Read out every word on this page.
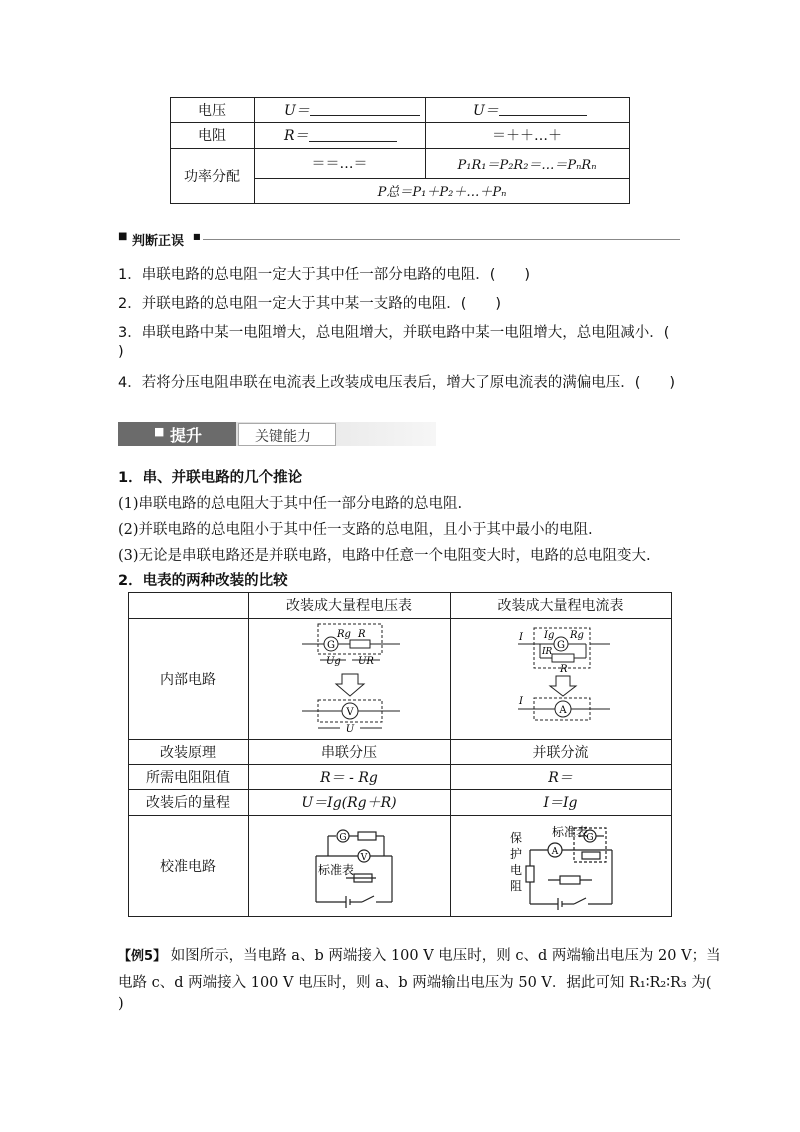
电压	U＝	U＝
电阻	R＝	＝＋＋…＋
功率分配
＝＝…＝	P₁R₁＝P₂R₂＝…＝PₙRₙ
P总＝P₁＋P₂＋…＋Pₙ
■ 判断正误 ■
1．串联电路的总电阻一定大于其中任一部分电路的电阻．(　　)
2．并联电路的总电阻一定大于其中某一支路的电阻．(　　)
3．串联电路中某一电阻增大，总电阻增大，并联电路中某一电阻增大，总电阻减小．(
)
4．若将分压电阻串联在电流表上改装成电压表后，增大了原电流表的满偏电压．(　　)
■ 提升	关键能力
1．串、并联电路的几个推论
(1)串联电路的总电阻大于其中任一部分电路的总电阻.
(2)并联电路的总电阻小于其中任一支路的总电阻，且小于其中最小的电阻.
(3)无论是串联电路还是并联电路，电路中任意一个电阻变大时，电路的总电阻变大.
2．电表的两种改装的比较
改装成大量程电压表	改装成大量程电流表
内部电路
改装原理	串联分压	并联分流
所需电阻阻值	R＝ - Rg	R＝
改装后的量程	U＝Ig(Rg＋R)	I＝Ig
校准电路
G
Rg R
Ug UR
V
U
G
Rg
I Ig
IR
R
I
A
G
V
标准表
A
G
标准表
保
护
电
阻
【例5】 如图所示，当电路 a、b 两端接入 100 V 电压时，则 c、d 两端输出电压为 20 V；当
电路 c、d 两端接入 100 V 电压时，则 a、b 两端输出电压为 50 V．据此可知 R₁∶R₂∶R₃ 为(
)
